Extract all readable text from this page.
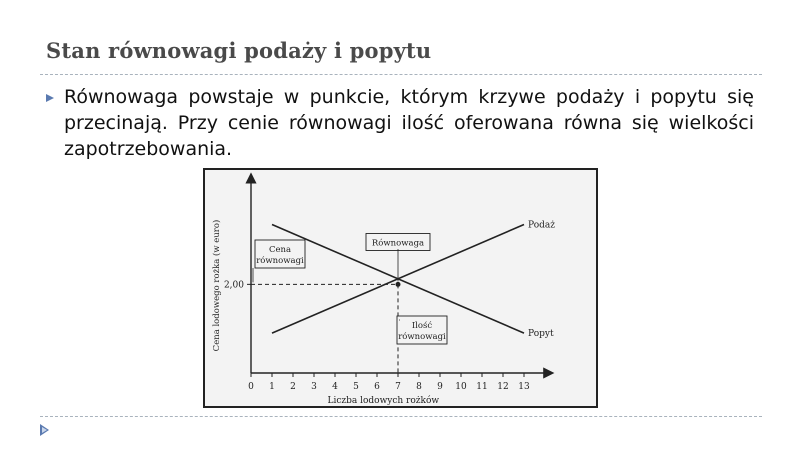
Stan równowagi podaży i popytu
Równowaga powstaje w punkcie, którym krzywe podaży i popytu się przecinają. Przy cenie równowagi ilość oferowana równa się wielkości zapotrzebowania.
0 1 2 3 4 5 6 7 8 9 10 11 12 13
2,00
Podaż
Popyt
Liczba lodowych rożków
Cena lodowego rożka (w euro)	Cena
równowagi
Równowaga
Ilość
równowagi
